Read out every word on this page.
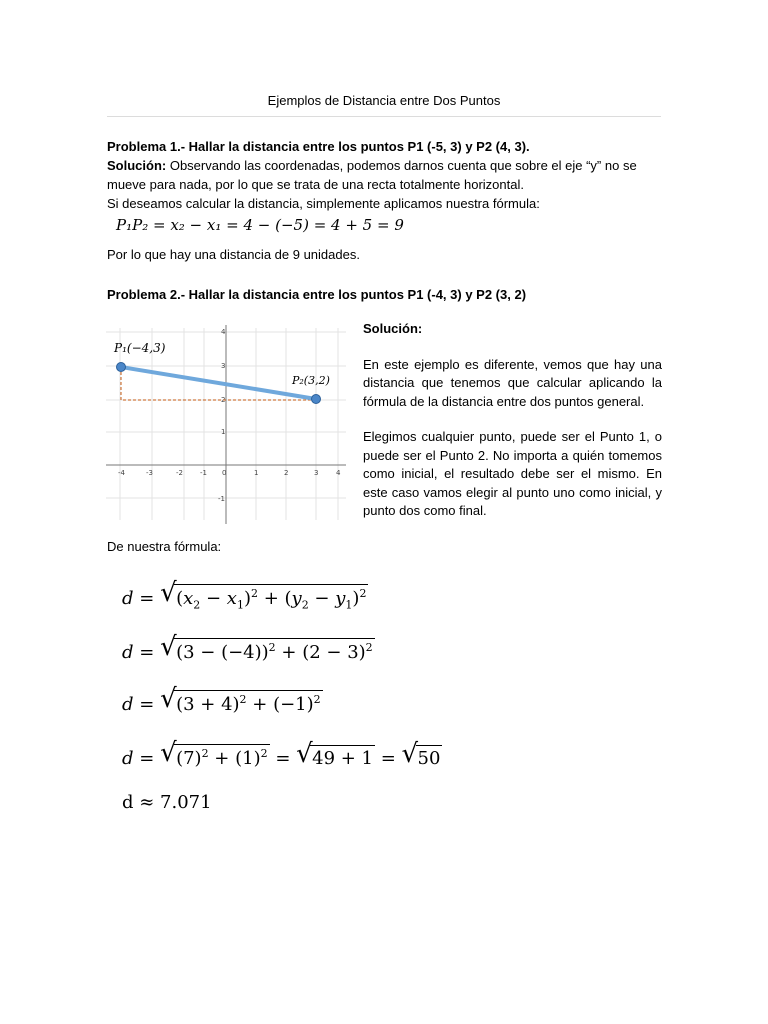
Ejemplos de Distancia entre Dos Puntos
Problema 1.- Hallar la distancia entre los puntos P1 (-5, 3) y P2 (4, 3).
Solución: Observando las coordenadas, podemos darnos cuenta que sobre el eje “y” no se mueve para nada, por lo que se trata de una recta totalmente horizontal.
Si deseamos calcular la distancia, simplemente aplicamos nuestra fórmula:
P₁P₂ = x₂ − x₁ = 4 − (−5) = 4 + 5 = 9
Por lo que hay una distancia de 9 unidades.
Problema 2.- Hallar la distancia entre los puntos P1 (-4, 3) y P2 (3, 2)
-4	-3	-2 -1 0	1	2	3	4
4
3
2
1
-1
P₁(−4,3)
P₂(3,2)

Solución:

En este ejemplo es diferente, vemos que hay una distancia que tenemos que calcular aplicando la fórmula de la distancia entre dos puntos general.

Elegimos cualquier punto, puede ser el Punto 1, o puede ser el Punto 2. No importa a quién tomemos como inicial, el resultado debe ser el mismo. En este caso vamos elegir al punto uno como inicial, y punto dos como final.

De nuestra fórmula:
d = √ $(x_2 - x_1)^2 + (y_2 - y_1)^2$
d = √ $(3 - (-4))^2 + (2 - 3)^2$
d = √ $(3 + 4)^2 + (-1)^2$
d = √ $(7)^2 + (1)^2$ = √ 49 + 1 = √ 50
d ≈ 7.071
